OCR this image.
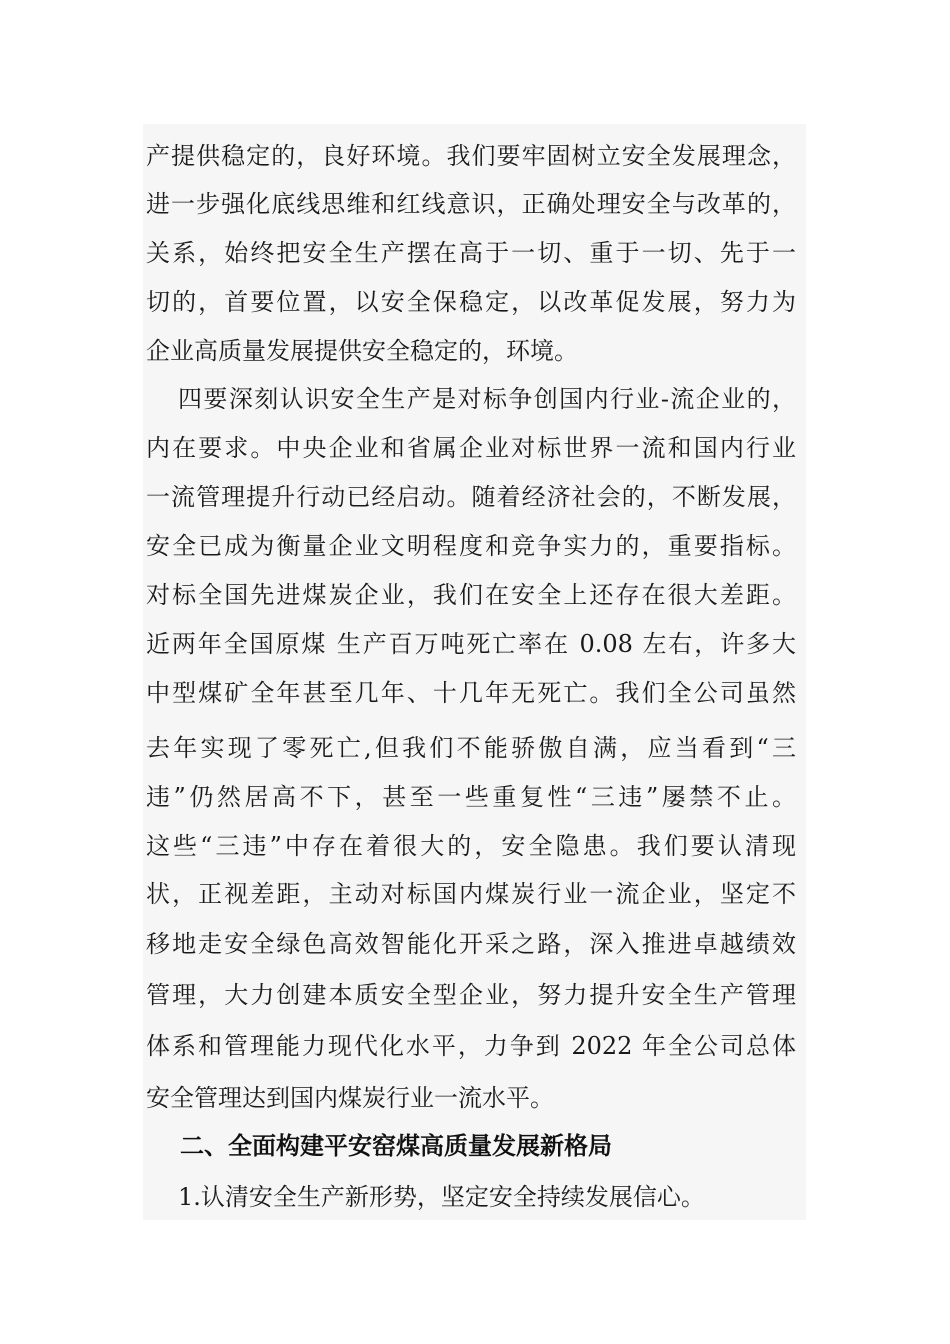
产提供稳定的，良好环境。我们要牢固树立安全发展理念，
进一步强化底线思维和红线意识，正确处理安全与改革的，
关系，始终把安全生产摆在高于一切、重于一切、先于一
切的，首要位置，以安全保稳定，以改革促发展，努力为
企业高质量发展提供安全稳定的，环境。
四要深刻认识安全生产是对标争创国内行业-流企业的，
内在要求。中央企业和省属企业对标世界一流和国内行业
一流管理提升行动已经启动。随着经济社会的，不断发展，
安全已成为衡量企业文明程度和竞争实力的，重要指标。
对标全国先进煤炭企业，我们在安全上还存在很大差距。
近两年全国原煤 生产百万吨死亡率在 0.08 左右，许多大
中型煤矿全年甚至几年、十几年无死亡。我们全公司虽然
去年实现了零死亡,但我们不能骄傲自满，应当看到“三
违”仍然居高不下，甚至一些重复性“三违”屡禁不止。
这些“三违”中存在着很大的，安全隐患。我们要认清现
状，正视差距，主动对标国内煤炭行业一流企业，坚定不
移地走安全绿色高效智能化开采之路，深入推进卓越绩效
管理，大力创建本质安全型企业，努力提升安全生产管理
体系和管理能力现代化水平，力争到 2022 年全公司总体
安全管理达到国内煤炭行业一流水平。
二、全面构建平安窑煤高质量发展新格局
1.认清安全生产新形势，坚定安全持续发展信心。
